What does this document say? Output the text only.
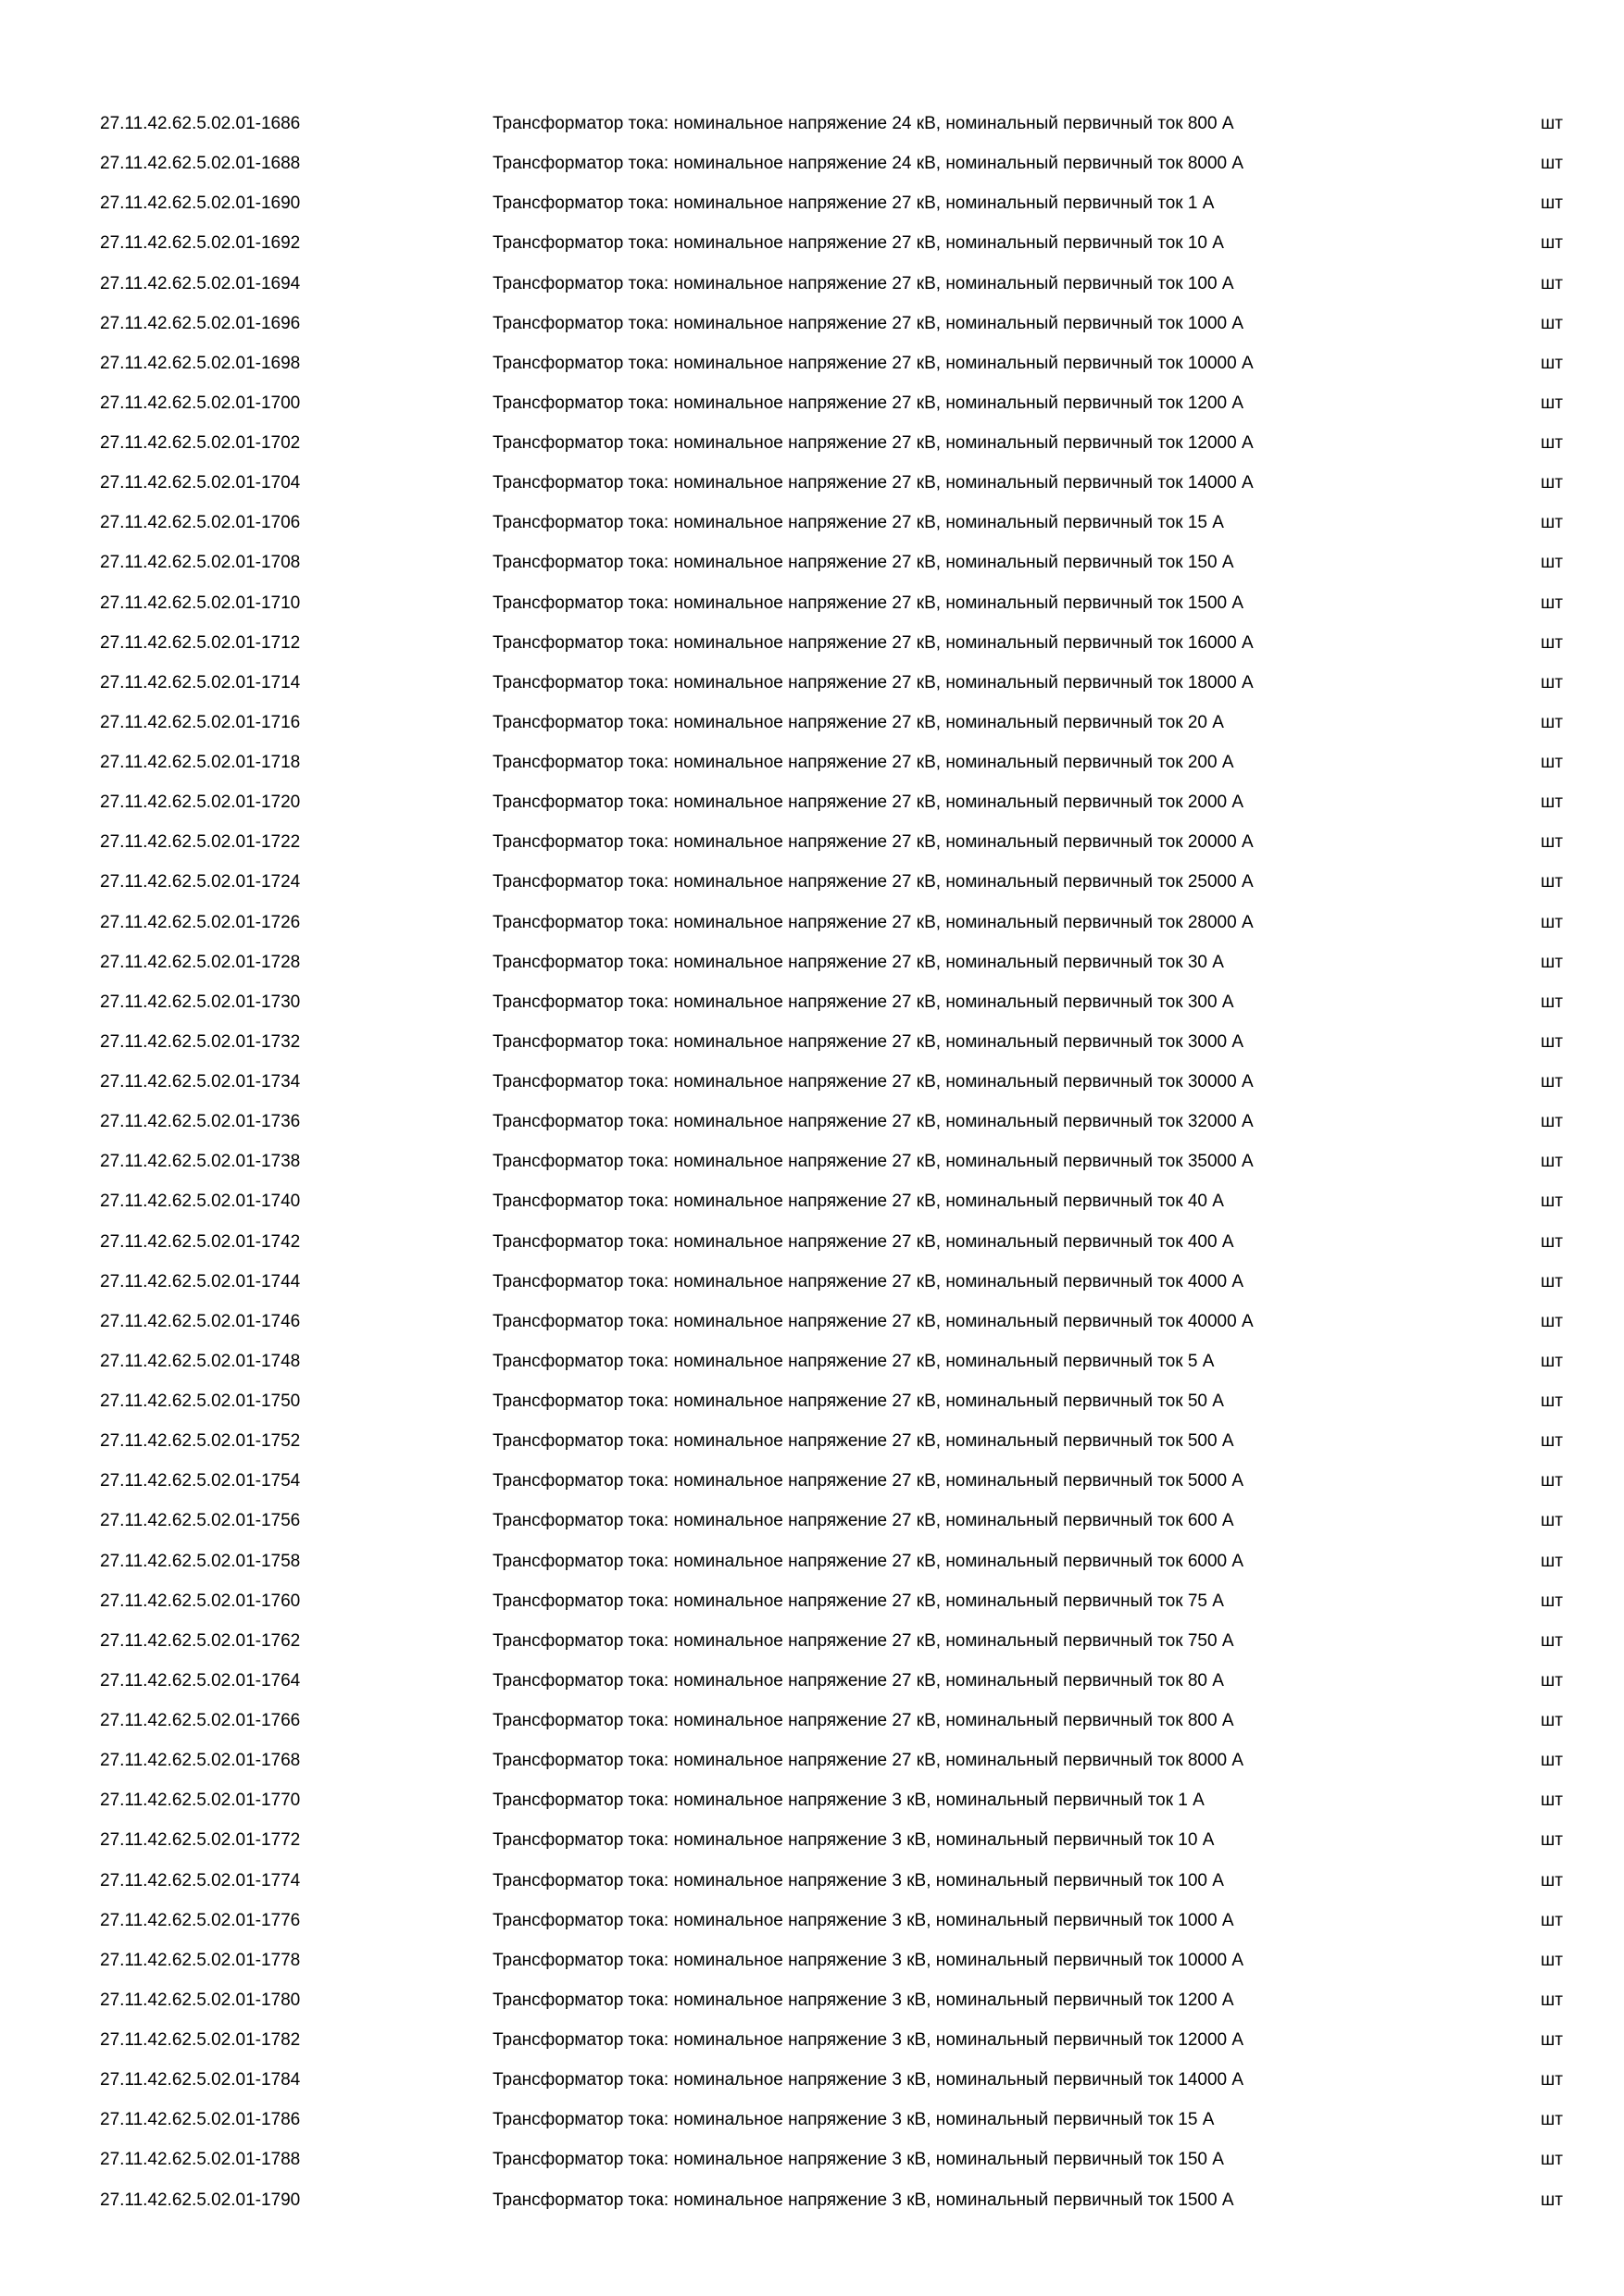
27.11.42.62.5.02.01-1686	Трансформатор тока: номинальное напряжение 24 кВ, номинальный первичный ток 800 А	шт
27.11.42.62.5.02.01-1688	Трансформатор тока: номинальное напряжение 24 кВ, номинальный первичный ток 8000 А	шт
27.11.42.62.5.02.01-1690	Трансформатор тока: номинальное напряжение 27 кВ, номинальный первичный ток 1 А	шт
27.11.42.62.5.02.01-1692	Трансформатор тока: номинальное напряжение 27 кВ, номинальный первичный ток 10 А	шт
27.11.42.62.5.02.01-1694	Трансформатор тока: номинальное напряжение 27 кВ, номинальный первичный ток 100 А	шт
27.11.42.62.5.02.01-1696	Трансформатор тока: номинальное напряжение 27 кВ, номинальный первичный ток 1000 А	шт
27.11.42.62.5.02.01-1698	Трансформатор тока: номинальное напряжение 27 кВ, номинальный первичный ток 10000 А	шт
27.11.42.62.5.02.01-1700	Трансформатор тока: номинальное напряжение 27 кВ, номинальный первичный ток 1200 А	шт
27.11.42.62.5.02.01-1702	Трансформатор тока: номинальное напряжение 27 кВ, номинальный первичный ток 12000 А	шт
27.11.42.62.5.02.01-1704	Трансформатор тока: номинальное напряжение 27 кВ, номинальный первичный ток 14000 А	шт
27.11.42.62.5.02.01-1706	Трансформатор тока: номинальное напряжение 27 кВ, номинальный первичный ток 15 А	шт
27.11.42.62.5.02.01-1708	Трансформатор тока: номинальное напряжение 27 кВ, номинальный первичный ток 150 А	шт
27.11.42.62.5.02.01-1710	Трансформатор тока: номинальное напряжение 27 кВ, номинальный первичный ток 1500 А	шт
27.11.42.62.5.02.01-1712	Трансформатор тока: номинальное напряжение 27 кВ, номинальный первичный ток 16000 А	шт
27.11.42.62.5.02.01-1714	Трансформатор тока: номинальное напряжение 27 кВ, номинальный первичный ток 18000 А	шт
27.11.42.62.5.02.01-1716	Трансформатор тока: номинальное напряжение 27 кВ, номинальный первичный ток 20 А	шт
27.11.42.62.5.02.01-1718	Трансформатор тока: номинальное напряжение 27 кВ, номинальный первичный ток 200 А	шт
27.11.42.62.5.02.01-1720	Трансформатор тока: номинальное напряжение 27 кВ, номинальный первичный ток 2000 А	шт
27.11.42.62.5.02.01-1722	Трансформатор тока: номинальное напряжение 27 кВ, номинальный первичный ток 20000 А	шт
27.11.42.62.5.02.01-1724	Трансформатор тока: номинальное напряжение 27 кВ, номинальный первичный ток 25000 А	шт
27.11.42.62.5.02.01-1726	Трансформатор тока: номинальное напряжение 27 кВ, номинальный первичный ток 28000 А	шт
27.11.42.62.5.02.01-1728	Трансформатор тока: номинальное напряжение 27 кВ, номинальный первичный ток 30 А	шт
27.11.42.62.5.02.01-1730	Трансформатор тока: номинальное напряжение 27 кВ, номинальный первичный ток 300 А	шт
27.11.42.62.5.02.01-1732	Трансформатор тока: номинальное напряжение 27 кВ, номинальный первичный ток 3000 А	шт
27.11.42.62.5.02.01-1734	Трансформатор тока: номинальное напряжение 27 кВ, номинальный первичный ток 30000 А	шт
27.11.42.62.5.02.01-1736	Трансформатор тока: номинальное напряжение 27 кВ, номинальный первичный ток 32000 А	шт
27.11.42.62.5.02.01-1738	Трансформатор тока: номинальное напряжение 27 кВ, номинальный первичный ток 35000 А	шт
27.11.42.62.5.02.01-1740	Трансформатор тока: номинальное напряжение 27 кВ, номинальный первичный ток 40 А	шт
27.11.42.62.5.02.01-1742	Трансформатор тока: номинальное напряжение 27 кВ, номинальный первичный ток 400 А	шт
27.11.42.62.5.02.01-1744	Трансформатор тока: номинальное напряжение 27 кВ, номинальный первичный ток 4000 А	шт
27.11.42.62.5.02.01-1746	Трансформатор тока: номинальное напряжение 27 кВ, номинальный первичный ток 40000 А	шт
27.11.42.62.5.02.01-1748	Трансформатор тока: номинальное напряжение 27 кВ, номинальный первичный ток 5 А	шт
27.11.42.62.5.02.01-1750	Трансформатор тока: номинальное напряжение 27 кВ, номинальный первичный ток 50 А	шт
27.11.42.62.5.02.01-1752	Трансформатор тока: номинальное напряжение 27 кВ, номинальный первичный ток 500 А	шт
27.11.42.62.5.02.01-1754	Трансформатор тока: номинальное напряжение 27 кВ, номинальный первичный ток 5000 А	шт
27.11.42.62.5.02.01-1756	Трансформатор тока: номинальное напряжение 27 кВ, номинальный первичный ток 600 А	шт
27.11.42.62.5.02.01-1758	Трансформатор тока: номинальное напряжение 27 кВ, номинальный первичный ток 6000 А	шт
27.11.42.62.5.02.01-1760	Трансформатор тока: номинальное напряжение 27 кВ, номинальный первичный ток 75 А	шт
27.11.42.62.5.02.01-1762	Трансформатор тока: номинальное напряжение 27 кВ, номинальный первичный ток 750 А	шт
27.11.42.62.5.02.01-1764	Трансформатор тока: номинальное напряжение 27 кВ, номинальный первичный ток 80 А	шт
27.11.42.62.5.02.01-1766	Трансформатор тока: номинальное напряжение 27 кВ, номинальный первичный ток 800 А	шт
27.11.42.62.5.02.01-1768	Трансформатор тока: номинальное напряжение 27 кВ, номинальный первичный ток 8000 А	шт
27.11.42.62.5.02.01-1770	Трансформатор тока: номинальное напряжение 3 кВ, номинальный первичный ток 1 А	шт
27.11.42.62.5.02.01-1772	Трансформатор тока: номинальное напряжение 3 кВ, номинальный первичный ток 10 А	шт
27.11.42.62.5.02.01-1774	Трансформатор тока: номинальное напряжение 3 кВ, номинальный первичный ток 100 А	шт
27.11.42.62.5.02.01-1776	Трансформатор тока: номинальное напряжение 3 кВ, номинальный первичный ток 1000 А	шт
27.11.42.62.5.02.01-1778	Трансформатор тока: номинальное напряжение 3 кВ, номинальный первичный ток 10000 А	шт
27.11.42.62.5.02.01-1780	Трансформатор тока: номинальное напряжение 3 кВ, номинальный первичный ток 1200 А	шт
27.11.42.62.5.02.01-1782	Трансформатор тока: номинальное напряжение 3 кВ, номинальный первичный ток 12000 А	шт
27.11.42.62.5.02.01-1784	Трансформатор тока: номинальное напряжение 3 кВ, номинальный первичный ток 14000 А	шт
27.11.42.62.5.02.01-1786	Трансформатор тока: номинальное напряжение 3 кВ, номинальный первичный ток 15 А	шт
27.11.42.62.5.02.01-1788	Трансформатор тока: номинальное напряжение 3 кВ, номинальный первичный ток 150 А	шт
27.11.42.62.5.02.01-1790	Трансформатор тока: номинальное напряжение 3 кВ, номинальный первичный ток 1500 А	шт
